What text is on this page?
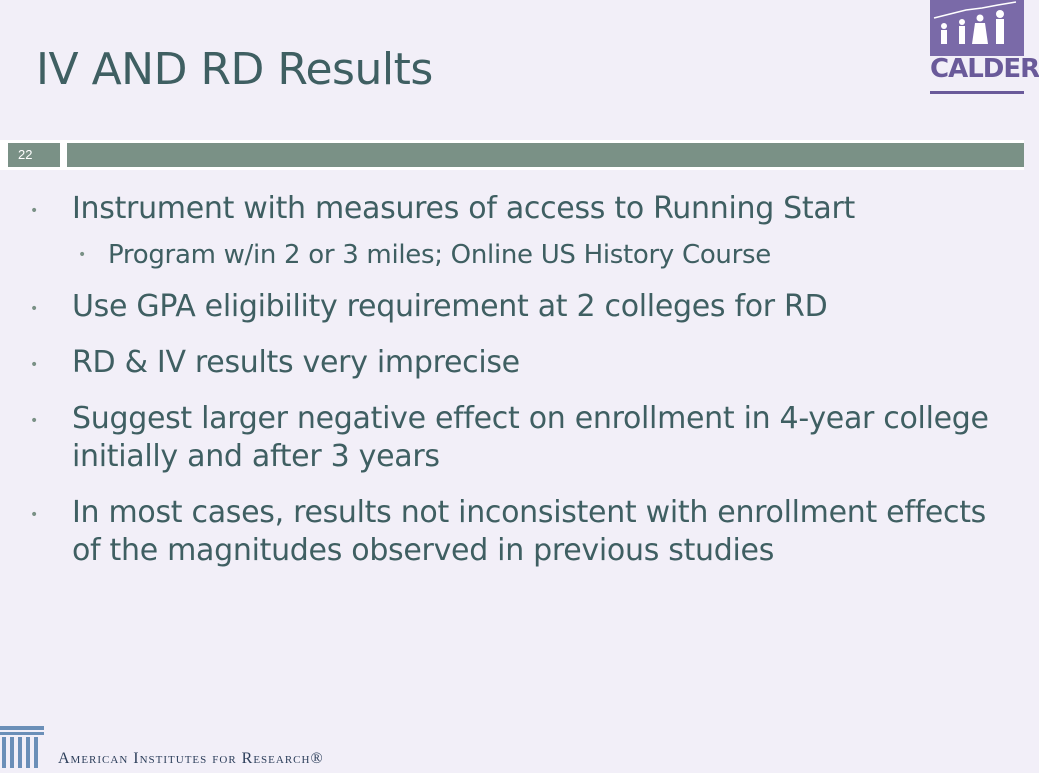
IV AND RD Results	CALDER
22
• Instrument with measures of access to Running Start
• Program w/in 2 or 3 miles; Online US History Course
• Use GPA eligibility requirement at 2 colleges for RD
• RD & IV results very imprecise
• Suggest larger negative effect on enrollment in 4-year college initially and after 3 years
• In most cases, results not inconsistent with enrollment effects of the magnitudes observed in previous studies
American Institutes for Research®
